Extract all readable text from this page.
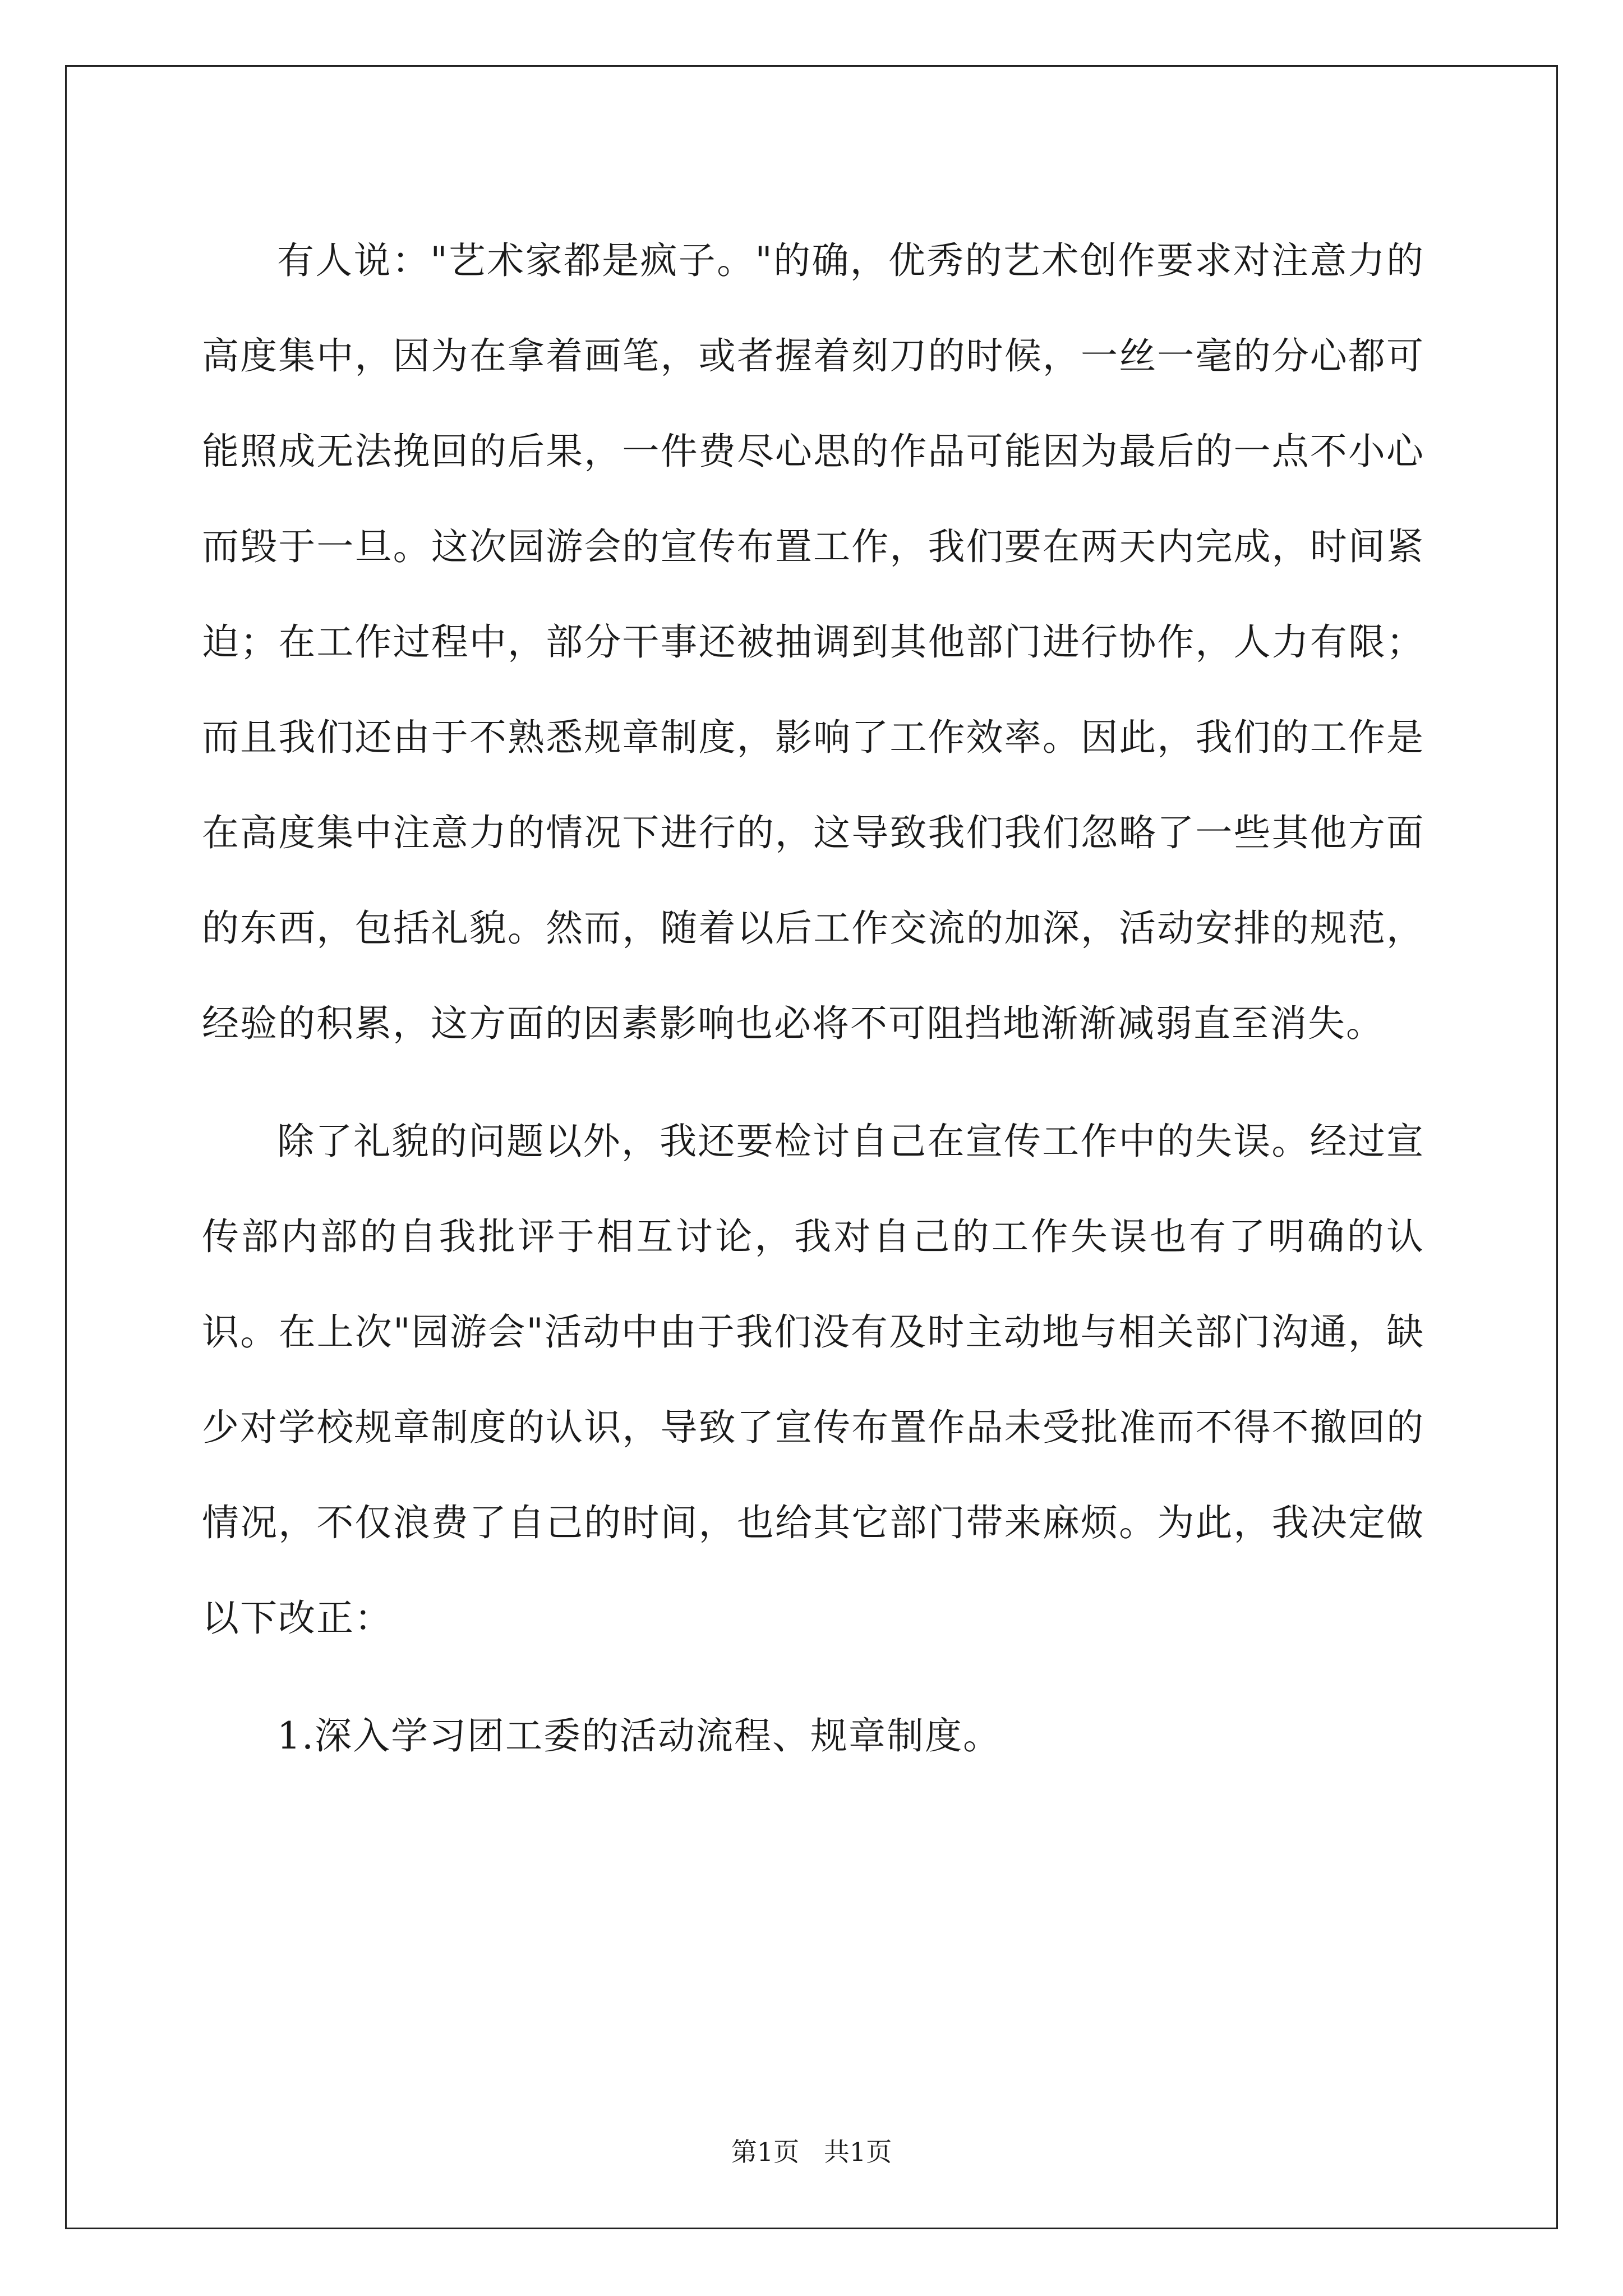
有人说："艺术家都是疯子。"的确，优秀的艺术创作要求对注意力的高度集中，因为在拿着画笔，或者握着刻刀的时候，一丝一毫的分心都可能照成无法挽回的后果，一件费尽心思的作品可能因为最后的一点不小心而毁于一旦。这次园游会的宣传布置工作，我们要在两天内完成，时间紧迫；在工作过程中，部分干事还被抽调到其他部门进行协作，人力有限；而且我们还由于不熟悉规章制度，影响了工作效率。因此，我们的工作是在高度集中注意力的情况下进行的，这导致我们我们忽略了一些其他方面的东西，包括礼貌。然而，随着以后工作交流的加深，活动安排的规范，经验的积累，这方面的因素影响也必将不可阻挡地渐渐减弱直至消失。

除了礼貌的问题以外，我还要检讨自己在宣传工作中的失误。经过宣传部内部的自我批评于相互讨论，我对自己的工作失误也有了明确的认识。在上次"园游会"活动中由于我们没有及时主动地与相关部门沟通，缺少对学校规章制度的认识，导致了宣传布置作品未受批准而不得不撤回的情况，不仅浪费了自己的时间，也给其它部门带来麻烦。为此，我决定做以下改正：

1.深入学习团工委的活动流程、规章制度。

第1页   共1页
